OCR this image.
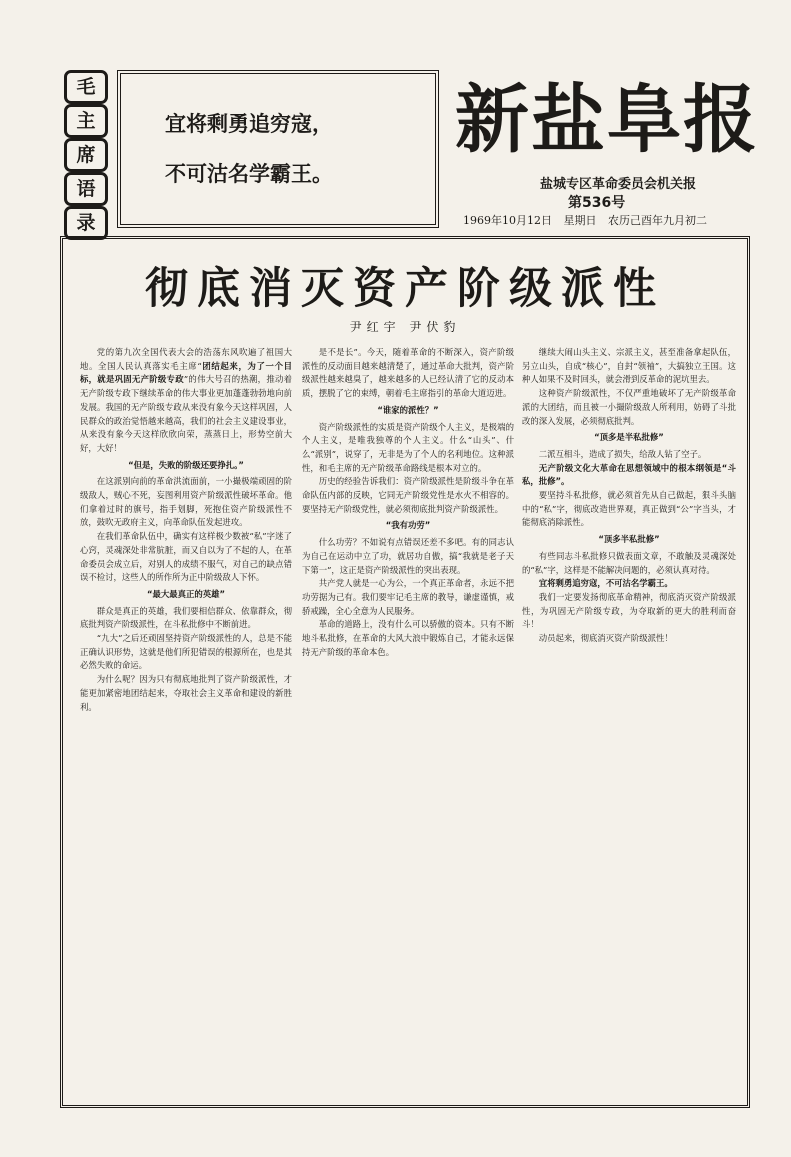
毛
主
席
语
录
宜将剩勇追穷寇，
不可沽名学霸王。
新盐阜报
盐城专区革命委员会机关报
第536号
1969年10月12日 星期日 农历己酉年九月初二
彻底消灭资产阶级派性
尹红宇 尹伏豹

党的第九次全国代表大会的浩荡东风吹遍了祖国大地。全国人民认真落实毛主席“团结起来，为了一个目标，就是巩固无产阶级专政”的伟大号召的热潮，推动着无产阶级专政下继续革命的伟大事业更加蓬蓬勃勃地向前发展。我国的无产阶级专政从来没有象今天这样巩固，人民群众的政治觉悟越来越高，我们的社会主义建设事业，从来没有象今天这样欣欣向荣，蒸蒸日上，形势空前大好，大好！

“但是，失败的阶级还要挣扎。”

在这派别向前的革命洪流面前，一小撮极端顽固的阶级敌人，贼心不死，妄图利用资产阶级派性破坏革命。他们拿着过时的旗号，指手划脚，死抱住资产阶级派性不放，鼓吹无政府主义，向革命队伍发起进攻。

在我们革命队伍中，确实有这样极少数被“私”字迷了心窍，灵魂深处非常肮脏，而又自以为了不起的人，在革命委员会成立后，对别人的成绩不服气，对自己的缺点错误不检讨，这些人的所作所为正中阶级敌人下怀。

“最大最真正的英雄”

群众是真正的英雄，我们要相信群众、依靠群众，彻底批判资产阶级派性，在斗私批修中不断前进。

“九大”之后还顽固坚持资产阶级派性的人，总是不能正确认识形势，这就是他们所犯错误的根源所在，也是其必然失败的命运。

为什么呢？因为只有彻底地批判了资产阶级派性，才能更加紧密地团结起来，夺取社会主义革命和建设的新胜利。

是不是长”。今天，随着革命的不断深入，资产阶级派性的反动面目越来越清楚了，通过革命大批判，资产阶级派性越来越臭了，越来越多的人已经认清了它的反动本质，摆脱了它的束缚，朝着毛主席指引的革命大道迈进。

“谁家的派性？”

资产阶级派性的实质是资产阶级个人主义，是极端的个人主义，是唯我独尊的个人主义。什么“山头”、什么“派别”，说穿了，无非是为了个人的名利地位。这种派性，和毛主席的无产阶级革命路线是根本对立的。

历史的经验告诉我们：资产阶级派性是阶级斗争在革命队伍内部的反映，它同无产阶级党性是水火不相容的。要坚持无产阶级党性，就必须彻底批判资产阶级派性。

“我有功劳”

什么功劳？不如说有点错误还差不多吧。有的同志认为自己在运动中立了功，就居功自傲，搞“我就是老子天下第一”，这正是资产阶级派性的突出表现。

共产党人就是一心为公，一个真正革命者，永远不把功劳据为己有。我们要牢记毛主席的教导，谦虚谨慎，戒骄戒躁，全心全意为人民服务。

革命的道路上，没有什么可以骄傲的资本。只有不断地斗私批修，在革命的大风大浪中锻炼自己，才能永远保持无产阶级的革命本色。

继续大闹山头主义、宗派主义，甚至准备拿起队伍，另立山头，自成“核心”，自封“领袖”，大搞独立王国。这种人如果不及时回头，就会滑到反革命的泥坑里去。

这种资产阶级派性，不仅严重地破坏了无产阶级革命派的大团结，而且被一小撮阶级敌人所利用，妨碍了斗批改的深入发展，必须彻底批判。

“顶多是半私批修”

二派互相斗，造成了损失，给敌人钻了空子。

无产阶级文化大革命在思想领域中的根本纲领是“斗私，批修”。

要坚持斗私批修，就必须首先从自己做起，狠斗头脑中的“私”字，彻底改造世界观，真正做到“公”字当头，才能彻底消除派性。

“顶多半私批修”

有些同志斗私批修只做表面文章，不敢触及灵魂深处的“私”字，这样是不能解决问题的，必须认真对待。

宜将剩勇追穷寇，不可沽名学霸王。

我们一定要发扬彻底革命精神，彻底消灭资产阶级派性，为巩固无产阶级专政，为夺取新的更大的胜利而奋斗！

动员起来，彻底消灭资产阶级派性！
